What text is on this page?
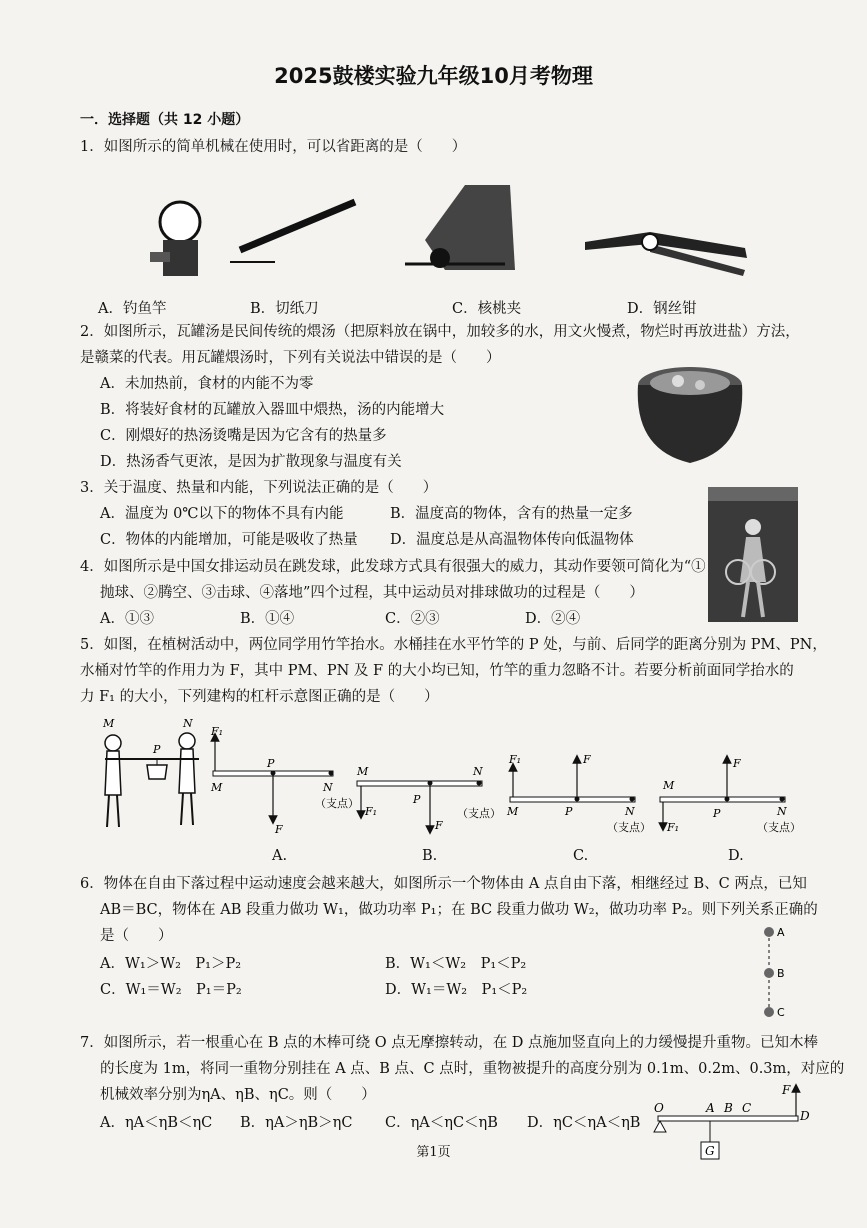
2025鼓楼实验九年级10月考物理
一．选择题（共 12 小题）
1．如图所示的简单机械在使用时，可以省距离的是（　　）
A．钓鱼竿	B．切纸刀	C．核桃夹	D．钢丝钳
2．如图所示，瓦罐汤是民间传统的煨汤（把原料放在锅中，加较多的水，用文火慢煮，物烂时再放进盐）方法，
是赣菜的代表。用瓦罐煨汤时，下列有关说法中错误的是（　　）
A．未加热前，食材的内能不为零
B．将装好食材的瓦罐放入器皿中煨热，汤的内能增大
C．刚煨好的热汤烫嘴是因为它含有的热量多
D．热汤香气更浓，是因为扩散现象与温度有关
3．关于温度、热量和内能，下列说法正确的是（　　）
A．温度为 0℃以下的物体不具有内能	B．温度高的物体，含有的热量一定多
C．物体的内能增加，可能是吸收了热量 D．温度总是从高温物体传向低温物体
4．如图所示是中国女排运动员在跳发球，此发球方式具有很强大的威力，其动作要领可简化为“①
抛球、②腾空、③击球、④落地”四个过程，其中运动员对排球做功的过程是（　　）
A．①③	B．①④	C．②③	D．②④
5．如图，在植树活动中，两位同学用竹竿抬水。水桶挂在水平竹竿的 P 处，与前、后同学的距离分别为 PM、PN，
水桶对竹竿的作用力为 F，其中 PM、PN 及 F 的大小均已知，竹竿的重力忽略不计。若要分析前面同学抬水的
力 F₁ 的大小，下列建构的杠杆示意图正确的是（　　）
M	N
P
F₁
M
P
F
N
（支点）
M
F₁
P
F
N
（支点）
F₁
M	P
F
N
（支点）
M
F₁
P
F
N
（支点）
A.	B.	C.	D.
6．物体在自由下落过程中运动速度会越来越大，如图所示一个物体由 A 点自由下落，相继经过 B、C 两点，已知
AB＝BC，物体在 AB 段重力做功 W₁，做功功率 P₁；在 BC 段重力做功 W₂，做功功率 P₂。则下列关系正确的
是（　　）
A．W₁＞W₂　P₁＞P₂	B．W₁＜W₂　P₁＜P₂
C．W₁＝W₂　P₁＝P₂	D．W₁＝W₂　P₁＜P₂
A
B
C
7．如图所示，若一根重心在 B 点的木棒可绕 O 点无摩擦转动，在 D 点施加竖直向上的力缓慢提升重物。已知木棒
的长度为 1m，将同一重物分别挂在 A 点、B 点、C 点时，重物被提升的高度分别为 0.1m、0.2m、0.3m，对应的
机械效率分别为ηA、ηB、ηC。则（　　）
A．ηA＜ηB＜ηC B．ηA＞ηB＞ηC C．ηA＜ηC＜ηB D．ηC＜ηA＜ηB
O	A B C
D
F
G
第1页
